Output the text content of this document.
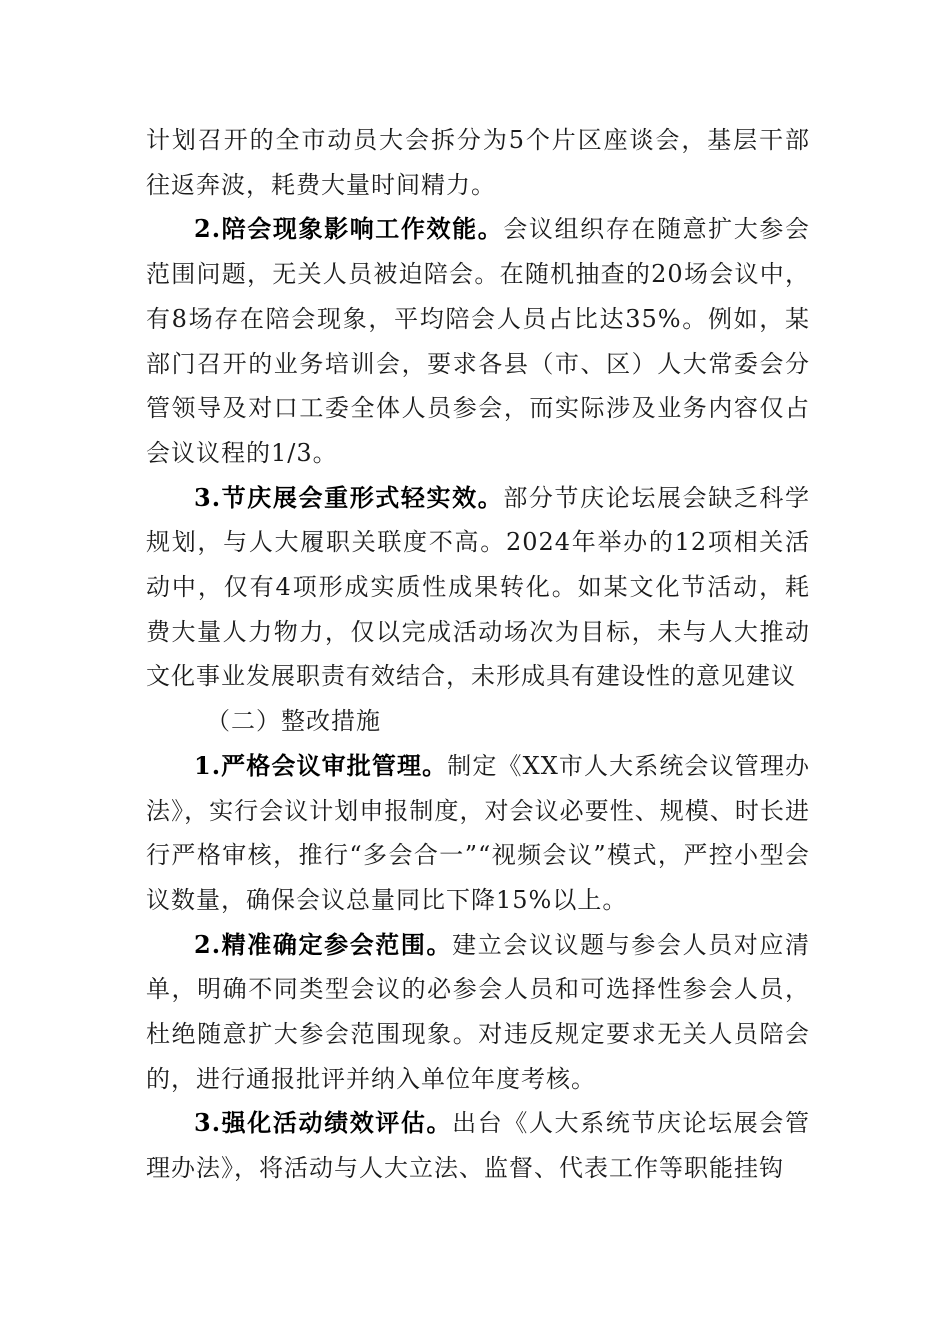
计划召开的全市动员大会拆分为5个片区座谈会，基层干部往返奔波，耗费大量时间精力。

2.陪会现象影响工作效能。会议组织存在随意扩大参会范围问题，无关人员被迫陪会。在随机抽查的20场会议中，有8场存在陪会现象，平均陪会人员占比达35%。例如，某部门召开的业务培训会，要求各县（市、区）人大常委会分管领导及对口工委全体人员参会，而实际涉及业务内容仅占会议议程的1/3。

3.节庆展会重形式轻实效。部分节庆论坛展会缺乏科学规划，与人大履职关联度不高。2024年举办的12项相关活动中，仅有4项形成实质性成果转化。如某文化节活动，耗费大量人力物力，仅以完成活动场次为目标，未与人大推动文化事业发展职责有效结合，未形成具有建设性的意见建议

（二）整改措施

1.严格会议审批管理。制定《XX市人大系统会议管理办法》，实行会议计划申报制度，对会议必要性、规模、时长进行严格审核，推行“多会合一”“视频会议”模式，严控小型会议数量，确保会议总量同比下降15%以上。

2.精准确定参会范围。建立会议议题与参会人员对应清单，明确不同类型会议的必参会人员和可选择性参会人员，杜绝随意扩大参会范围现象。对违反规定要求无关人员陪会的，进行通报批评并纳入单位年度考核。

3.强化活动绩效评估。出台《人大系统节庆论坛展会管理办法》，将活动与人大立法、监督、代表工作等职能挂钩
